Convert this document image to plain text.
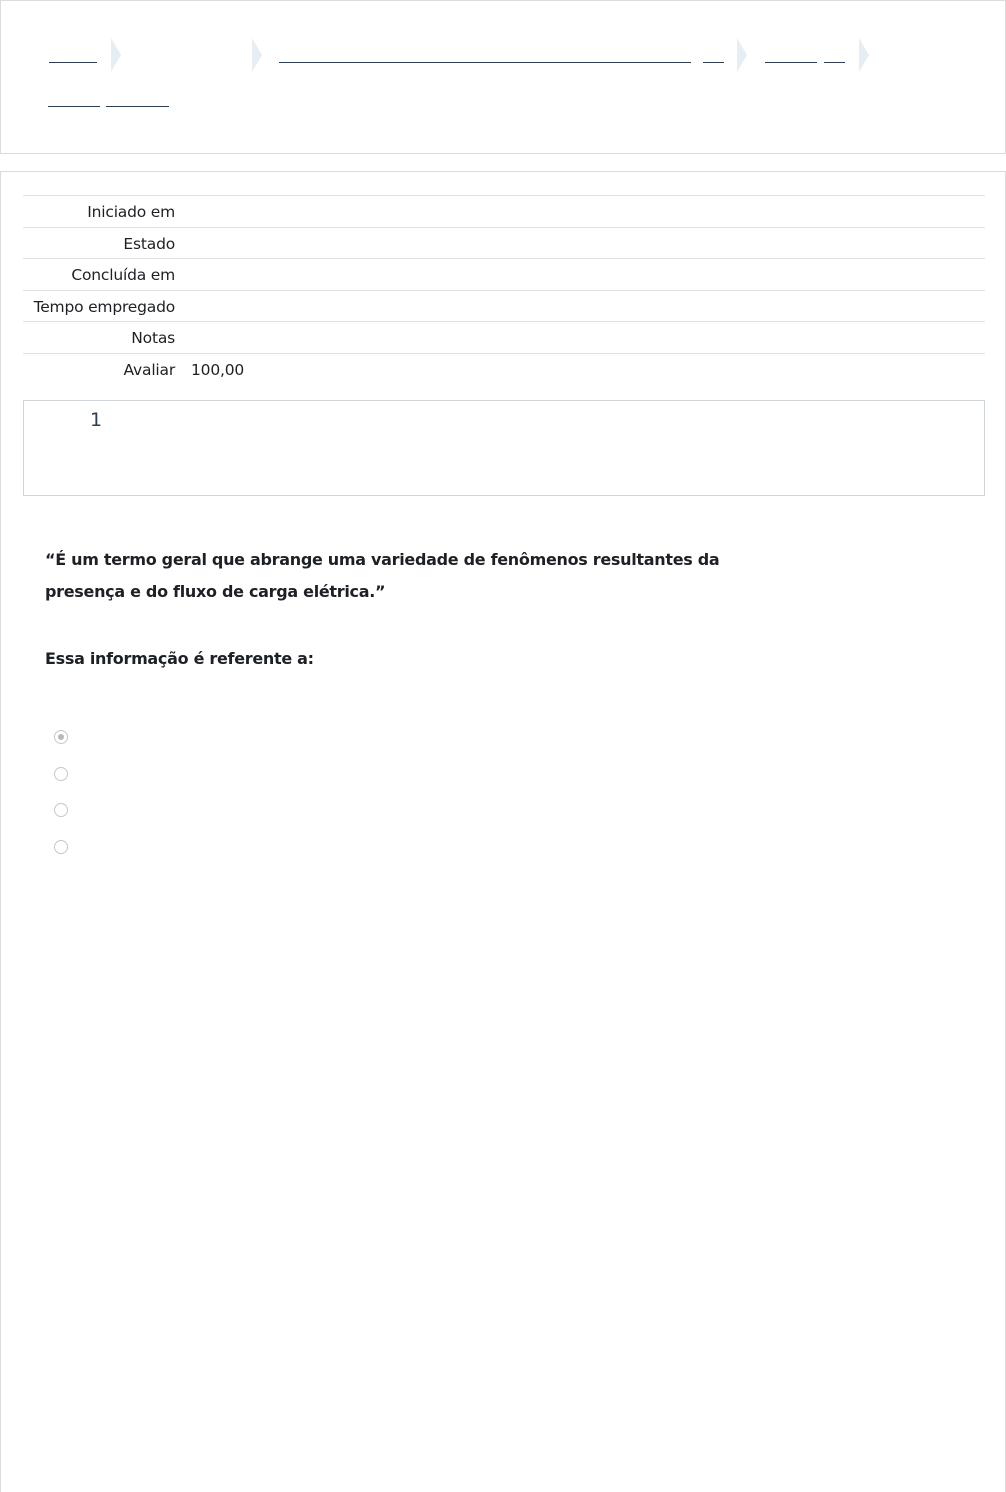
Iniciado em	
Estado	
Concluída em	
Tempo empregado	
Notas	
Avaliar	100,00
1
“É um termo geral que abrange uma variedade de fenômenos resultantes da presença e do fluxo de carga elétrica.”
Essa informação é referente a:
